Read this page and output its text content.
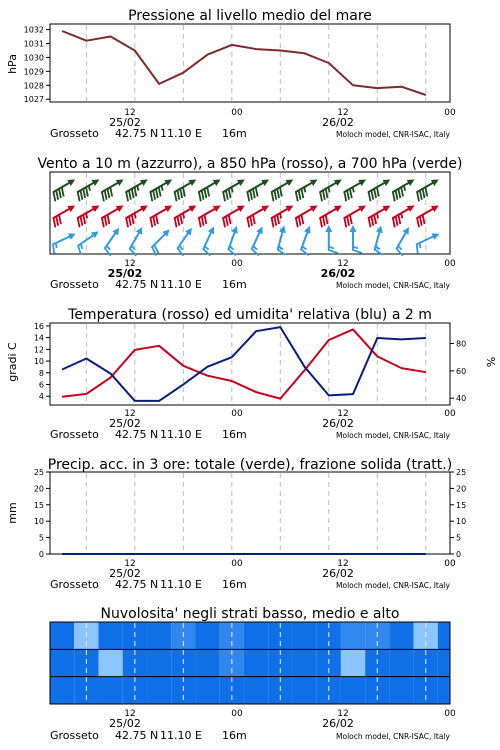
Pressione al livello medio del mare
hPa
1027
1028
1029
1030
1031
1032
12	00	12	00
25/02	26/02
Grosseto 42.75 N 11.10 E 16m	Moloch model, CNR-ISAC, Italy
Vento a 10 m (azzurro), a 850 hPa (rosso), a 700 hPa (verde)
12	00	12	00
25/02	26/02
Grosseto 42.75 N 11.10 E 16m	Moloch model, CNR-ISAC, Italy
Temperatura (rosso) ed umidita' relativa (blu) a 2 m
gradi C	%
4
6
8
10
12
14
16
40
60
80
12	00	12	00
25/02	26/02
Grosseto 42.75 N 11.10 E 16m	Moloch model, CNR-ISAC, Italy
Precip. acc. in 3 ore: totale (verde), frazione solida (tratt.)
mm
0
5
10
15
20
25
0
5
10
15
20
25
12	00	12	00
25/02	26/02
Grosseto 42.75 N 11.10 E 16m	Moloch model, CNR-ISAC, Italy
Nuvolosita' negli strati basso, medio e alto
12	00	12	00
25/02	26/02
Grosseto 42.75 N 11.10 E 16m	Moloch model, CNR-ISAC, Italy
